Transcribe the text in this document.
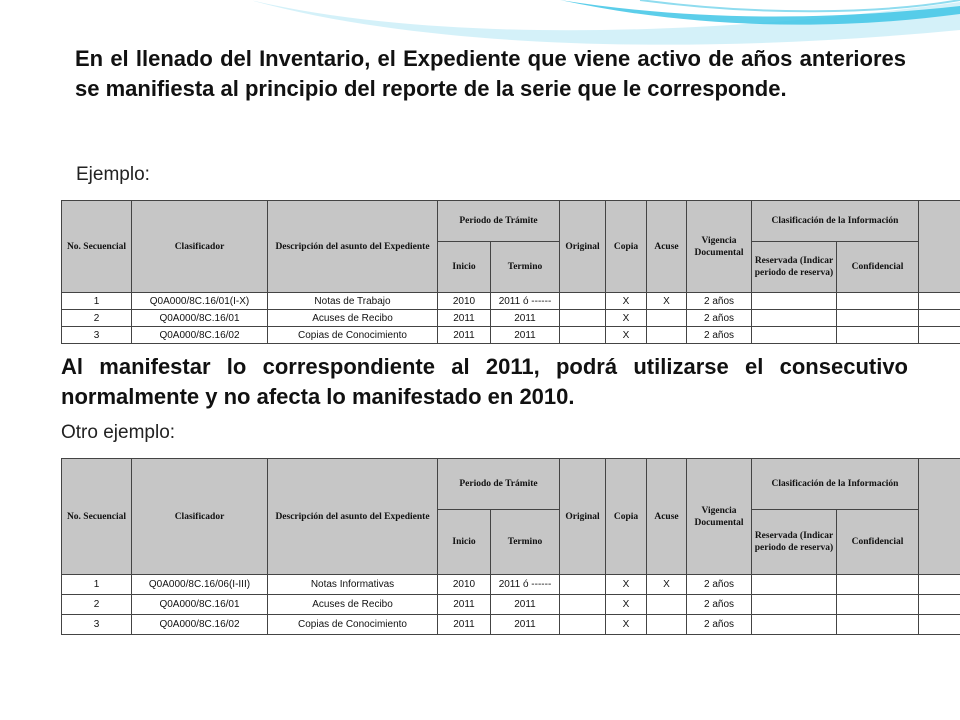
En el llenado del Inventario, el Expediente que viene activo de años anteriores se manifiesta al principio del reporte de la serie que le corresponde.

Ejemplo:

No. Secuencial	Clasificador	Descripción del asunto del Expediente	Periodo de Trámite		Original	Copia	Acuse	Vigencia Documental	Clasificación de la Información		
			Inicio	Termino					Reservada (Indicar periodo de reserva)	Confidencial	
1	Q0A000/8C.16/01(I-X)	Notas de Trabajo	2010	2011 ó ------		X	X	2 años			
2	Q0A000/8C.16/01	Acuses de Recibo	2011	2011		X		2 años			
3	Q0A000/8C.16/02	Copias de Conocimiento	2011	2011		X		2 años			

Al manifestar lo correspondiente al 2011, podrá utilizarse el consecutivo normalmente y no afecta lo manifestado en 2010.

Otro ejemplo:

No. Secuencial	Clasificador	Descripción del asunto del Expediente	Periodo de Trámite		Original	Copia	Acuse	Vigencia Documental	Clasificación de la Información		
			Inicio	Termino					Reservada (Indicar periodo de reserva)	Confidencial	
1	Q0A000/8C.16/06(I-III)	Notas Informativas	2010	2011 ó ------		X	X	2 años			
2	Q0A000/8C.16/01	Acuses de Recibo	2011	2011		X		2 años			
3	Q0A000/8C.16/02	Copias de Conocimiento	2011	2011		X		2 años			
